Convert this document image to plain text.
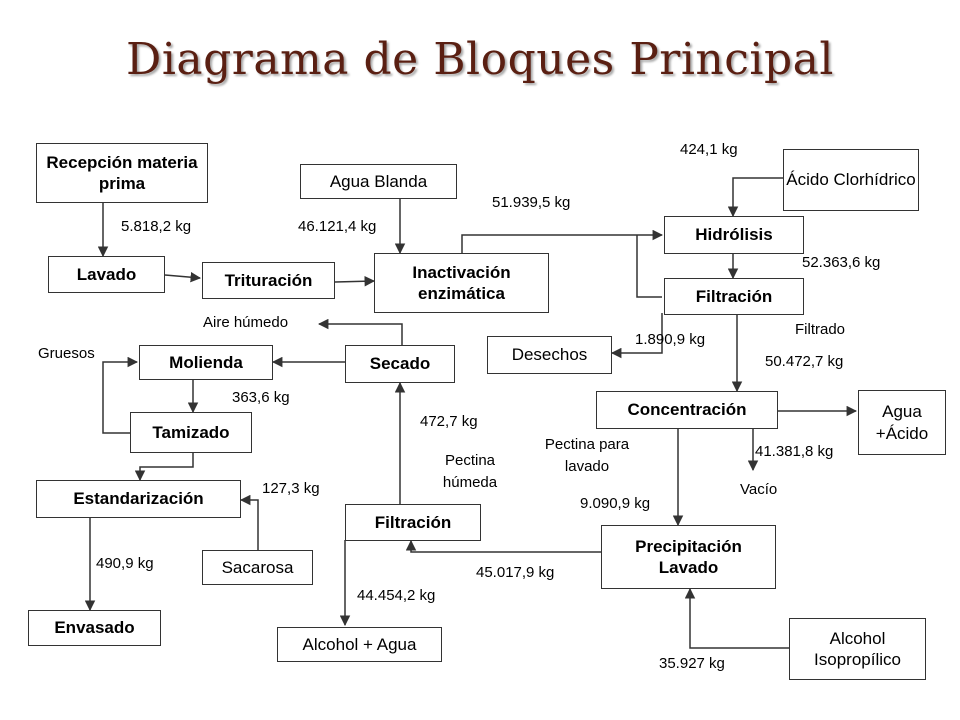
Diagrama de Bloques Principal
Recepción materia prima
Lavado	Trituración
Agua Blanda
Inactivación enzimática
Hidrólisis
Ácido Clorhídrico
Filtración
Desechos
Molienda	Secado
Tamizado
Concentración	Agua +Ácido
Estandarización
Filtración
Precipitación Lavado
Sacarosa
Envasado
Alcohol + Agua	Alcohol Isopropílico
5.818,2 kg	46.121,4 kg
51.939,5 kg
424,1 kg
52.363,6 kg
Filtrado
50.472,7 kg
1.890,9 kg
Aire húmedo
Gruesos
363,6 kg
472,7 kg
Pectina húmeda
Pectina para lavado
41.381,8 kg
Vacío
127,3 kg
9.090,9 kg
490,9 kg
45.017,9 kg
44.454,2 kg
35.927 kg
